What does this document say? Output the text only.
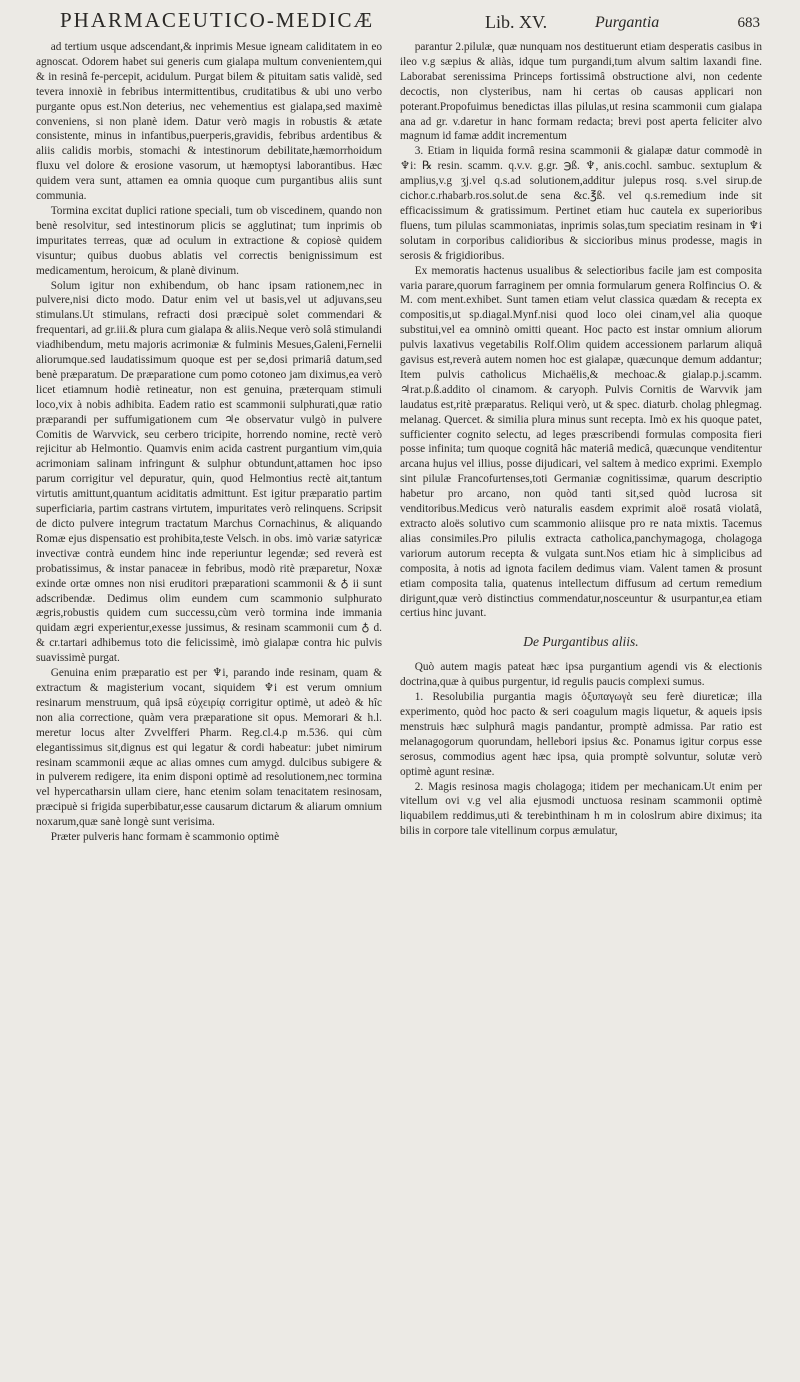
PHARMACEUTICO-MEDICÆ	Lib. XV.	Purgantia	683

ad tertium usque adscendant,& inprimis Mesue igneam caliditatem in eo agnoscat. Odorem habet sui generis cum gialapa multum convenientem,qui & in resinâ fe-percepit, acidulum. Purgat bilem & pituitam satis validè, sed tevera innoxiè in febribus intermittentibus, cruditatibus & ubi uno verbo purgante opus est.Non deterius, nec vehementius est gialapa,sed maximè conveniens, si non planè idem. Datur verò magis in robustis & ætate consistente, minus in infantibus,puerperis,gravidis, febribus ardentibus & aliis calidis morbis, stomachi & intestinorum debilitate,hæmorrhoidum fluxu vel dolore & erosione vasorum, ut hæmoptysi laborantibus. Hæc quidem vera sunt, attamen ea omnia quoque cum purgantibus aliis sunt communia.

Tormina excitat duplici ratione speciali, tum ob viscedinem, quando non benè resolvitur, sed intestinorum plicis se agglutinat; tum inprimis ob impuritates terreas, quæ ad oculum in extractione & copiosè quidem visuntur; quibus duobus ablatis vel correctis benignissimum est medicamentum, heroicum, & planè divinum.

Solum igitur non exhibendum, ob hanc ipsam rationem,nec in pulvere,nisi dicto modo. Datur enim vel ut basis,vel ut adjuvans,seu stimulans.Ut stimulans, refracti dosi præcipuè solet commendari & frequentari, ad gr.iii.& plura cum gialapa & aliis.Neque verò solâ stimulandi viadhibendum, metu majoris acrimoniæ & fulminis Mesues,Galeni,Fernelii aliorumque.sed laudatissimum quoque est per se,dosi primariâ datum,sed benè præparatum. De præparatione cum pomo cotoneo jam diximus,ea verò licet etiamnum hodiè retineatur, non est genuina, præterquam stimuli loco,vix à nobis adhibita. Eadem ratio est scammonii sulphurati,quæ ratio præparandi per suffumigationem cum ♃e observatur vulgò in pulvere Comitis de Warvvick, seu cerbero tricipite, horrendo nomine, rectè verò rejicitur ab Helmontio. Quamvis enim acida castrent purgantium vim,quia acrimoniam salinam infringunt & sulphur obtundunt,attamen hoc ipso parum corrigitur vel depuratur, quin, quod Helmontius rectè ait,tantum virtutis amittunt,quantum aciditatis admittunt. Est igitur præparatio partim superficiaria, partim castrans virtutem, impuritates verò relinquens. Scripsit de dicto pulvere integrum tractatum Marchus Cornachinus, & aliquando Romæ ejus dispensatio est prohibita,teste Velsch. in obs. imò variæ satyricæ invectivæ contrà eundem hinc inde reperiuntur legendæ; sed reverà est probatissimus, & instar panaceæ in febribus, modò ritè præparetur, Noxæ exinde ortæ omnes non nisi eruditori præparationi scammonii & ♁ ii sunt adscribendæ. Dedimus olim eundem cum scammonio sulphurato ægris,robustis quidem cum successu,cùm verò tormina inde immania quidam ægri experientur,exesse jussimus, & resinam scammonii cum ♁ d. & cr.tartari adhibemus toto die felicissimè, imò gialapæ contra hic pulvis suavissimè purgat.

Genuina enim præparatio est per ♆i, parando inde resinam, quam & extractum & magisterium vocant, siquidem ♆i est verum omnium resinarum menstruum, quâ ipsâ εὐχειρίᾳ corrigitur optimè, ut adeò & hîc non alia correctione, quàm vera præparatione sit opus. Memorari & h.l. meretur locus alter Zvvelfferi Pharm. Reg.cl.4.p m.536. qui cùm elegantissimus sit,dignus est qui legatur & cordi habeatur: jubet nimirum resinam scammonii æque ac alias omnes cum amygd. dulcibus subigere & in pulverem redigere, ita enim disponi optimè ad resolutionem,nec tormina vel hypercatharsin ullam ciere, hanc etenim solam tenacitatem resinosam, præcipuè si frigida superbibatur,esse causarum dictarum & aliarum omnium noxarum,quæ sanè longè sunt verisima.

Præter pulveris hanc formam è scammonio optimè

parantur 2.pilulæ, quæ nunquam nos destituerunt etiam desperatis casibus in ileo v.g sæpius & aliàs, idque tum purgandi,tum alvum saltim laxandi fine. Laborabat serenissima Princeps fortissimâ obstructione alvi, non cedente decoctis, non clysteribus, nam hi certas ob causas applicari non poterant.Propofuimus benedictas illas pilulas,ut resina scammonii cum gialapa ana ad gr. v.daretur in hanc formam redacta; brevi post aperta feliciter alvo magnum id famæ addit incrementum

3. Etiam in liquida formâ resina scammonii & gialapæ datur commodè in ♆i: ℞ resin. scamm. q.v.v. g.gr. ℈ß. ♆, anis.cochl. sambuc. sextuplum & amplius,v.g ʒj.vel q.s.ad solutionem,additur julepus rosq. s.vel sirup.de cichor.c.rhabarb.ros.solut.de sena &c.℥ß. vel q.s.remedium inde sit efficacissimum & gratissimum. Pertinet etiam huc cautela ex superioribus fluens, tum pilulas scammoniatas, inprimis solas,tum speciatim resinam in ♆i solutam in corporibus calidioribus & siccioribus minus prodesse, magis in serosis & frigidioribus.

Ex memoratis hactenus usualibus & selectioribus facile jam est composita varia parare,quorum farraginem per omnia formularum genera Rolfincius O. & M. com ment.exhibet. Sunt tamen etiam velut classica quædam & recepta ex compositis,ut sp.diagal.Mynf.nisi quod loco olei cinam,vel alia quoque substitui,vel ea omninò omitti queant. Hoc pacto est instar omnium aliorum pulvis laxativus vegetabilis Rolf.Olim quidem accessionem parlarum aliquâ gavisus est,reverà autem nomen hoc est gialapæ, quæcunque demum addantur; Item pulvis catholicus Michaëlis,& mechoac.& gialap.p.j.scamm. ♃rat.p.ß.addito ol cinamom. & caryoph. Pulvis Cornitis de Warvvik jam laudatus est,ritè præparatus. Reliqui verò, ut & spec. diaturb. cholag phlegmag. melanag. Quercet. & similia plura minus sunt recepta. Imò ex his quoque patet, sufficienter cognito selectu, ad leges præscribendi formulas composita fieri posse infinita; tum quoque cognitâ hâc materiâ medicâ, quæcunque venditentur arcana hujus vel illius, posse dijudicari, vel saltem à medico exprimi. Exemplo sint pilulæ Francofurtenses,toti Germaniæ cognitissimæ, quarum descriptio habetur pro arcano, non quòd tanti sit,sed quòd lucrosa sit venditoribus.Medicus verò naturalis easdem exprimit aloë rosatâ violatâ, extracto aloës solutivo cum scammonio aliisque pro re nata mixtis. Tacemus alias consimiles.Pro pilulis extracta catholica,panchymagoga, cholagoga variorum autorum recepta & vulgata sunt.Nos etiam hic à simplicibus ad composita, à notis ad ignota facilem dedimus viam. Valent tamen & prosunt etiam composita talia, quatenus intellectum diffusum ad certum remedium dirigunt,quæ verò distinctius commendatur,nosceuntur & usurpantur,ea etiam certius hinc juvant.

De Purgantibus aliis.

Quò autem magis pateat hæc ipsa purgantium agendi vis & electionis doctrina,quæ à quibus purgentur, id regulis paucis complexi sumus.

1. Resolubilia purgantia magis ὀξυπαγωγὰ seu ferè diureticæ; illa experimento, quòd hoc pacto & seri coagulum magis liquetur, & aqueis ipsis menstruis hæc sulphurâ magis pandantur, promptè admissa. Par ratio est melanagogorum quorundam, hellebori ipsius &c. Ponamus igitur corpus esse serosus, commodius agent hæc ipsa, quia promptè solvuntur, solutæ verò optimè agunt resinæ.

2. Magis resinosa magis cholagoga; itidem per mechanicam.Ut enim per vitellum ovi v.g vel alia ejusmodi unctuosa resinam scammonii optimè liquabilem reddimus,uti & terebinthinam h m in coloslrum abire diximus; ita bilis in corpore tale vitellinum corpus æmulatur,
